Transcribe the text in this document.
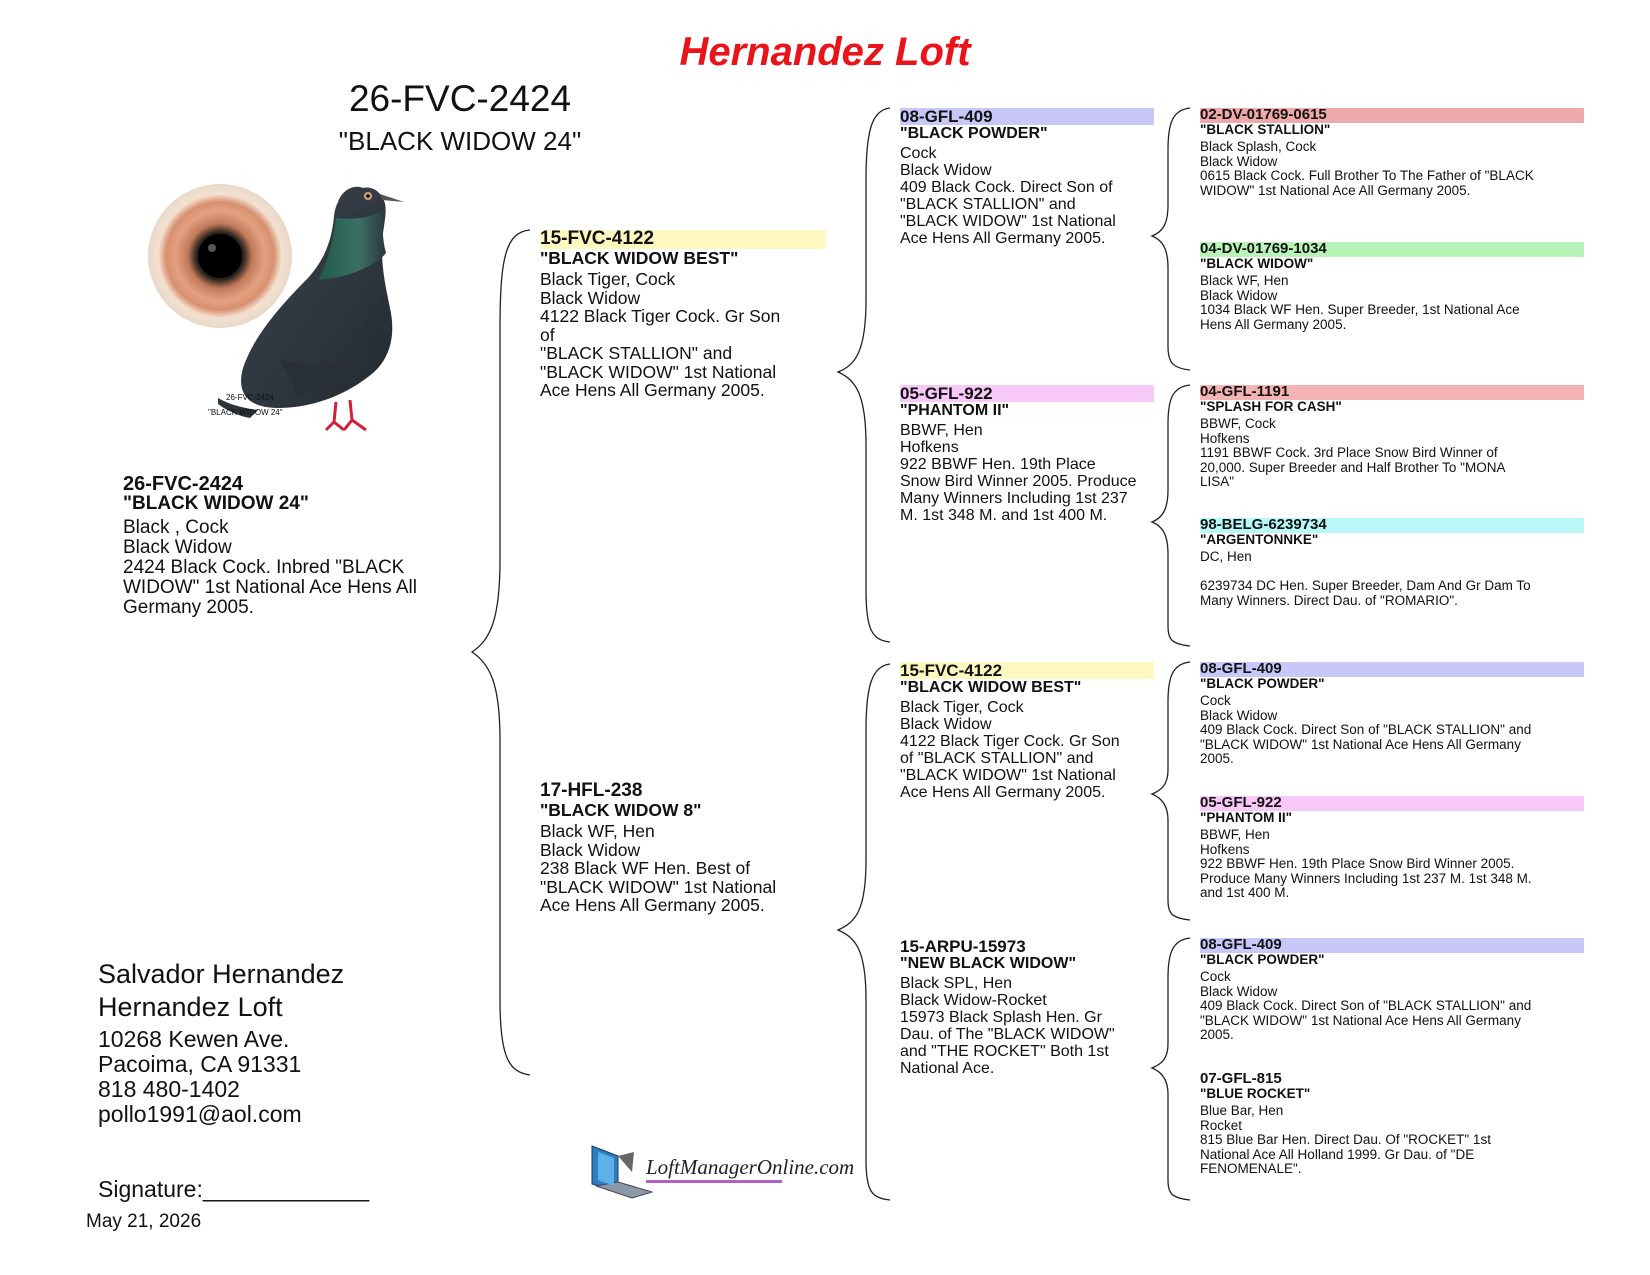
Hernandez Loft
26-FVC-2424
"BLACK WIDOW 24"
26-FVC-2424
"BLACK WIDOW 24"
26-FVC-2424
"BLACK WIDOW 24"
Black , Cock
Black Widow
2424 Black Cock. Inbred "BLACK
WIDOW" 1st National Ace Hens All
Germany 2005.
15-FVC-4122
"BLACK WIDOW BEST"
Black Tiger, Cock
Black Widow
4122 Black Tiger Cock. Gr Son of
"BLACK STALLION" and
"BLACK WIDOW" 1st National
Ace Hens All Germany 2005.
17-HFL-238
"BLACK WIDOW 8"
Black WF, Hen
Black Widow
238 Black WF Hen. Best of
"BLACK WIDOW" 1st National
Ace Hens All Germany 2005.
08-GFL-409
"BLACK POWDER"
Cock
Black Widow
409 Black Cock. Direct Son of
"BLACK STALLION" and
"BLACK WIDOW" 1st National
Ace Hens All Germany 2005.
05-GFL-922
"PHANTOM II"
BBWF, Hen
Hofkens
922 BBWF Hen. 19th Place
Snow Bird Winner 2005. Produce
Many Winners Including 1st 237
M. 1st 348 M. and 1st 400 M.
15-FVC-4122
"BLACK WIDOW BEST"
Black Tiger, Cock
Black Widow
4122 Black Tiger Cock. Gr Son
of "BLACK STALLION" and
"BLACK WIDOW" 1st National
Ace Hens All Germany 2005.
15-ARPU-15973
"NEW BLACK WIDOW"
Black SPL, Hen
Black Widow-Rocket
15973 Black Splash Hen. Gr
Dau. of The "BLACK WIDOW"
and "THE ROCKET" Both 1st
National Ace.
02-DV-01769-0615
"BLACK STALLION"
Black Splash, Cock
Black Widow
0615 Black Cock. Full Brother To The Father of "BLACK
WIDOW" 1st National Ace All Germany 2005.
04-DV-01769-1034
"BLACK WIDOW"
Black WF, Hen
Black Widow
1034 Black WF Hen. Super Breeder, 1st National Ace
Hens All Germany 2005.
04-GFL-1191
"SPLASH FOR CASH"
BBWF, Cock
Hofkens
1191 BBWF Cock. 3rd Place Snow Bird Winner of
20,000. Super Breeder and Half Brother To "MONA
LISA"
98-BELG-6239734
"ARGENTONNKE"
DC, Hen
6239734 DC Hen. Super Breeder, Dam And Gr Dam To
Many Winners. Direct Dau. of "ROMARIO".
08-GFL-409
"BLACK POWDER"
Cock
Black Widow
409 Black Cock. Direct Son of "BLACK STALLION" and
"BLACK WIDOW" 1st National Ace Hens All Germany
2005.
05-GFL-922
"PHANTOM II"
BBWF, Hen
Hofkens
922 BBWF Hen. 19th Place Snow Bird Winner 2005.
Produce Many Winners Including 1st 237 M. 1st 348 M.
and 1st 400 M.
08-GFL-409
"BLACK POWDER"
Cock
Black Widow
409 Black Cock. Direct Son of "BLACK STALLION" and
"BLACK WIDOW" 1st National Ace Hens All Germany
2005.
07-GFL-815
"BLUE ROCKET"
Blue Bar, Hen
Rocket
815 Blue Bar Hen. Direct Dau. Of "ROCKET" 1st
National Ace All Holland 1999. Gr Dau. of "DE
FENOMENALE".
Salvador Hernandez
Hernandez Loft
10268 Kewen Ave.
Pacoima, CA 91331
818 480-1402
pollo1991@aol.com
Signature:_____________
May 21, 2026
LoftManagerOnline.com
